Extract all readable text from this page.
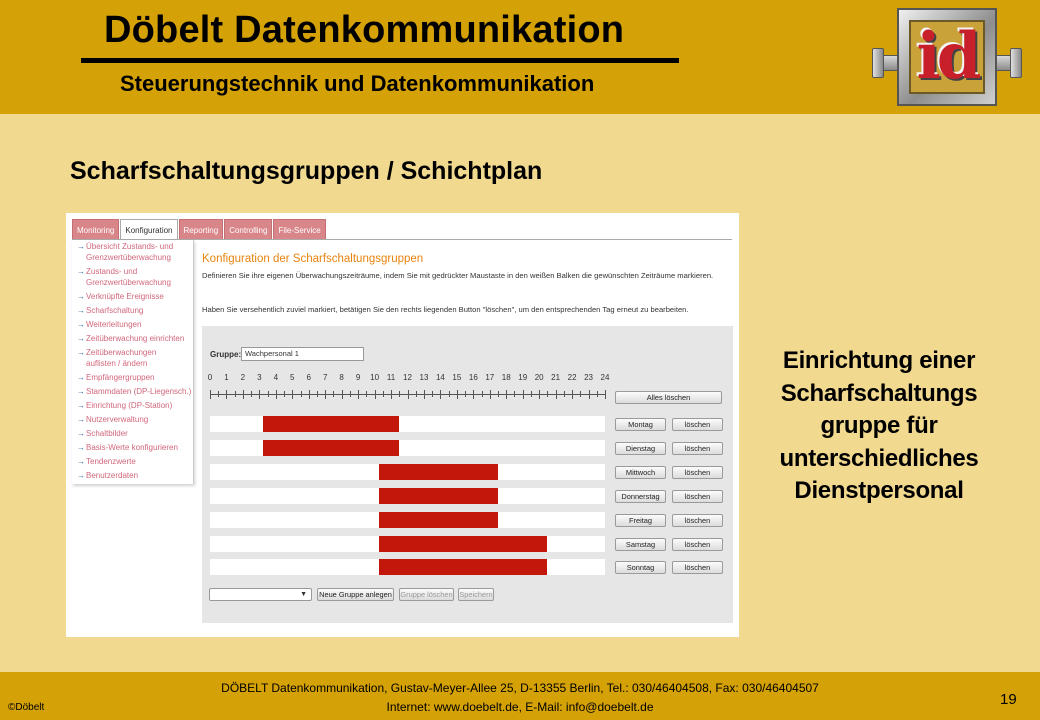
Döbelt Datenkommunikation
Steuerungstechnik und Datenkommunikation	id
Scharfschaltungsgruppen / Schichtplan
Monitoring	Konfiguration	Reporting	Controlling	File-Service
→ Übersicht Zustands- und
Grenzwertüberwachung
→ Zustands- und
Grenzwertüberwachung
→ Verknüpfte Ereignisse
→ Scharfschaltung
→ Weiterleitungen
→ Zeitüberwachung einrichten
→ Zeitüberwachungen
auflisten / ändern
→ Empfängergruppen
→ Stammdaten (DP-Liegensch.)
→ Einrichtung (DP-Station)
→ Nutzerverwaltung
→ Schaltbilder
→ Basis-Werte konfigurieren
→ Tendenzwerte
→ Benutzerdaten
Konfiguration der Scharfschaltungsgruppen
Definieren Sie ihre eigenen Überwachungszeiträume, indem Sie mit gedrückter Maustaste in den weißen Balken die gewünschten Zeiträume markieren.
Haben Sie versehentlich zuviel markiert, betätigen Sie den rechts liegenden Button "löschen", um den entsprechenden Tag erneut zu bearbeiten.
Gruppe: Wachpersonal 1
0 1 2 3 4 5 6 7 8 9 10 11 12 13 14 15 16 17 18 19 20 21 22 23 24
Alles löschen
Montag	löschen
Dienstag	löschen
Mittwoch	löschen
Donnerstag	löschen
Freitag	löschen
Samstag	löschen
Sonntag	löschen
▼ Neue Gruppe anlegen Gruppe löschen Speichern
Einrichtung einer
Scharfschaltungs
gruppe für
unterschiedliches
Dienstpersonal
DÖBELT Datenkommunikation, Gustav-Meyer-Allee 25, D-13355 Berlin, Tel.: 030/46404508, Fax: 030/46404507
Internet: www.doebelt.de, E-Mail: info@doebelt.de
©Döbelt	19
